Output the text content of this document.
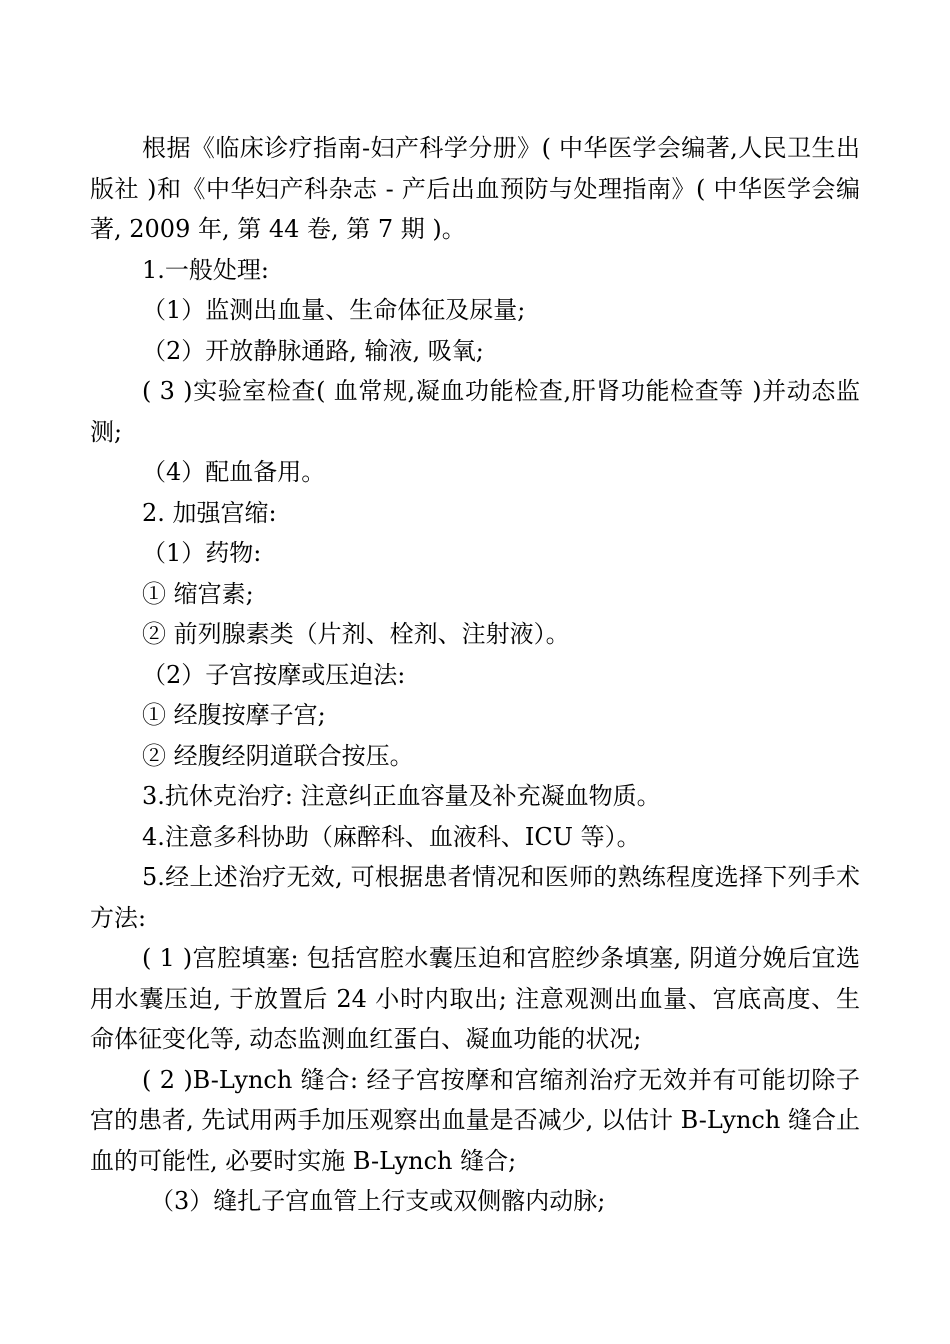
根据《临床诊疗指南-妇产科学分册》( 中华医学会编著,人民卫生出版社 )和《中华妇产科杂志 - 产后出血预防与处理指南》( 中华医学会编著, 2009 年, 第 44 卷, 第 7 期 )。

1.一般处理:

（1）监测出血量、生命体征及尿量;

（2）开放静脉通路, 输液, 吸氧;

( 3 )实验室检查( 血常规,凝血功能检查,肝肾功能检查等 )并动态监测;

（4）配血备用。

2. 加强宫缩:

（1）药物:

① 缩宫素;

② 前列腺素类（片剂、栓剂、注射液）。

（2）子宫按摩或压迫法:

① 经腹按摩子宫;

② 经腹经阴道联合按压。

3.抗休克治疗: 注意纠正血容量及补充凝血物质。

4.注意多科协助（麻醉科、血液科、ICU 等）。

5.经上述治疗无效, 可根据患者情况和医师的熟练程度选择下列手术方法:

( 1 )宫腔填塞: 包括宫腔水囊压迫和宫腔纱条填塞, 阴道分娩后宜选用水囊压迫, 于放置后 24 小时内取出; 注意观测出血量、宫底高度、生命体征变化等, 动态监测血红蛋白、凝血功能的状况;

( 2 )B-Lynch 缝合: 经子宫按摩和宫缩剂治疗无效并有可能切除子宫的患者, 先试用两手加压观察出血量是否减少, 以估计 B-Lynch 缝合止血的可能性, 必要时实施 B-Lynch 缝合;

（3）缝扎子宫血管上行支或双侧髂内动脉;
